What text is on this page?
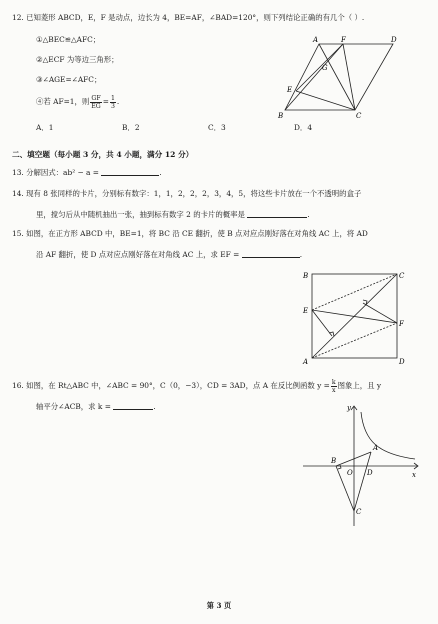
12. 已知菱形 ABCD，E，F 是动点，边长为 4，BE=AF，∠BAD=120°，则下列结论正确的有几个（ ）.
①△BEC≌△AFC；
②△ECF 为等边三角形；
③∠AGE=∠AFC；
④若 AF=1，则 $\frac{GF}{EG} = \frac{1}{3}$ .
A．1	B．2	C．3	D．4
A	F	D
G
E
B	C
二、填空题（每小题 3 分，共 4 小题，满分 12 分）
13. 分解因式：ab² − a =	.
14. 现有 8 张同样的卡片，分别标有数字：1，1，2，2，2，3，4，5，将这些卡片放在一个不透明的盒子
里，搅匀后从中随机抽出一张，抽到标有数字 2 的卡片的概率是	.
15. 如图，在正方形 ABCD 中，BE=1，将 BC 沿 CE 翻折，使 B 点对应点刚好落在对角线 AC 上，将 AD
沿 AF 翻折，使 D 点对应点刚好落在对角线 AC 上，求 EF =	.
B	C
E
F
A	D
16. 如图，在 Rt△ABC 中，∠ABC = 90°，C（0，−3），CD = 3AD，点 A 在反比例函数 $y = \frac{k}{x}$ 图象上，且 y
轴平分∠ACB，求 k =	.	y
x
A
B
O D
C
第 3 页
